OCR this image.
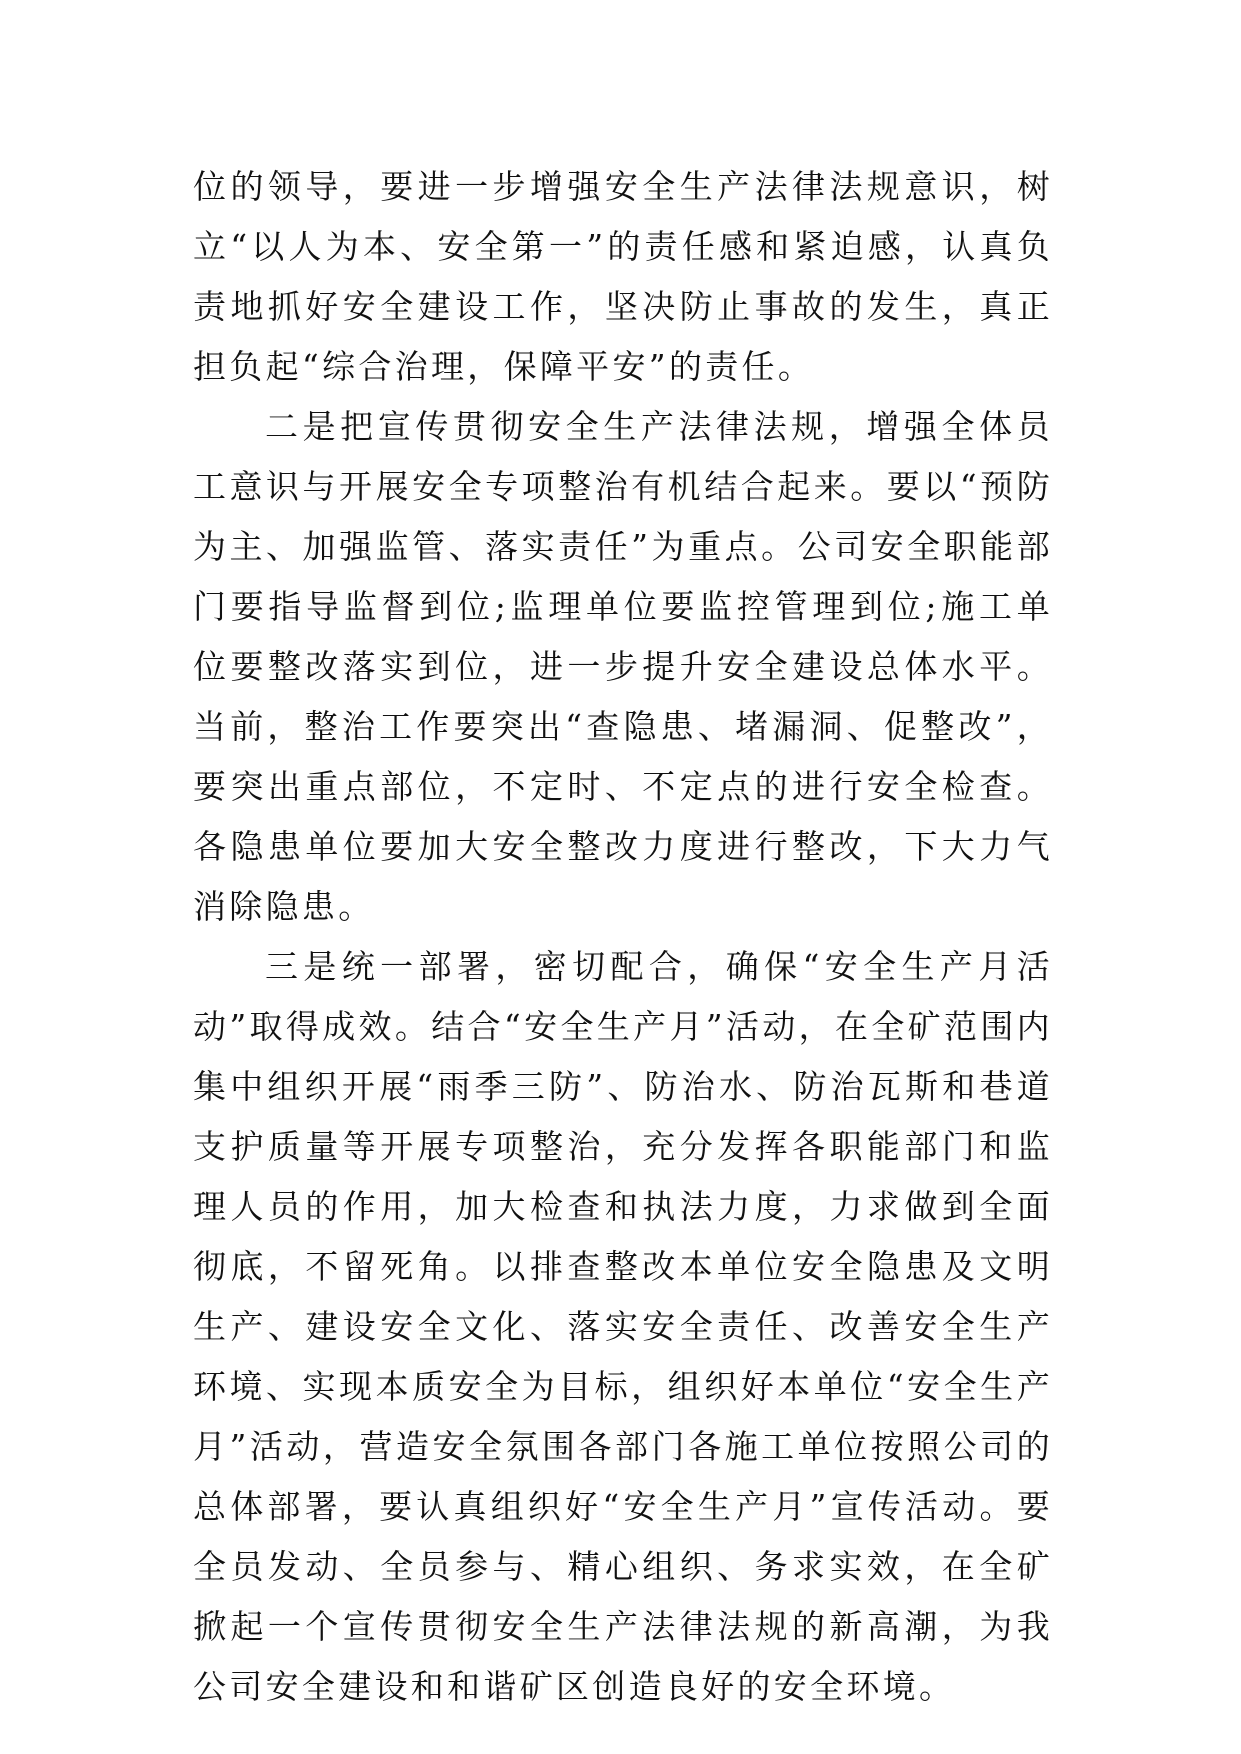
位的领导，要进一步增强安全生产法律法规意识，树立“以人为本、安全第一”的责任感和紧迫感，认真负责地抓好安全建设工作，坚决防止事故的发生，真正担负起“综合治理，保障平安”的责任。

二是把宣传贯彻安全生产法律法规，增强全体员工意识与开展安全专项整治有机结合起来。要以“预防为主、加强监管、落实责任”为重点。公司安全职能部门要指导监督到位;监理单位要监控管理到位;施工单位要整改落实到位，进一步提升安全建设总体水平。当前，整治工作要突出“查隐患、堵漏洞、促整改”，要突出重点部位，不定时、不定点的进行安全检查。各隐患单位要加大安全整改力度进行整改，下大力气消除隐患。

三是统一部署，密切配合，确保“安全生产月活动”取得成效。结合“安全生产月”活动，在全矿范围内集中组织开展“雨季三防”、防治水、防治瓦斯和巷道支护质量等开展专项整治，充分发挥各职能部门和监理人员的作用，加大检查和执法力度，力求做到全面彻底，不留死角。以排查整改本单位安全隐患及文明生产、建设安全文化、落实安全责任、改善安全生产环境、实现本质安全为目标，组织好本单位“安全生产月”活动，营造安全氛围各部门各施工单位按照公司的总体部署，要认真组织好“安全生产月”宣传活动。要全员发动、全员参与、精心组织、务求实效，在全矿掀起一个宣传贯彻安全生产法律法规的新高潮，为我公司安全建设和和谐矿区创造良好的安全环境。
